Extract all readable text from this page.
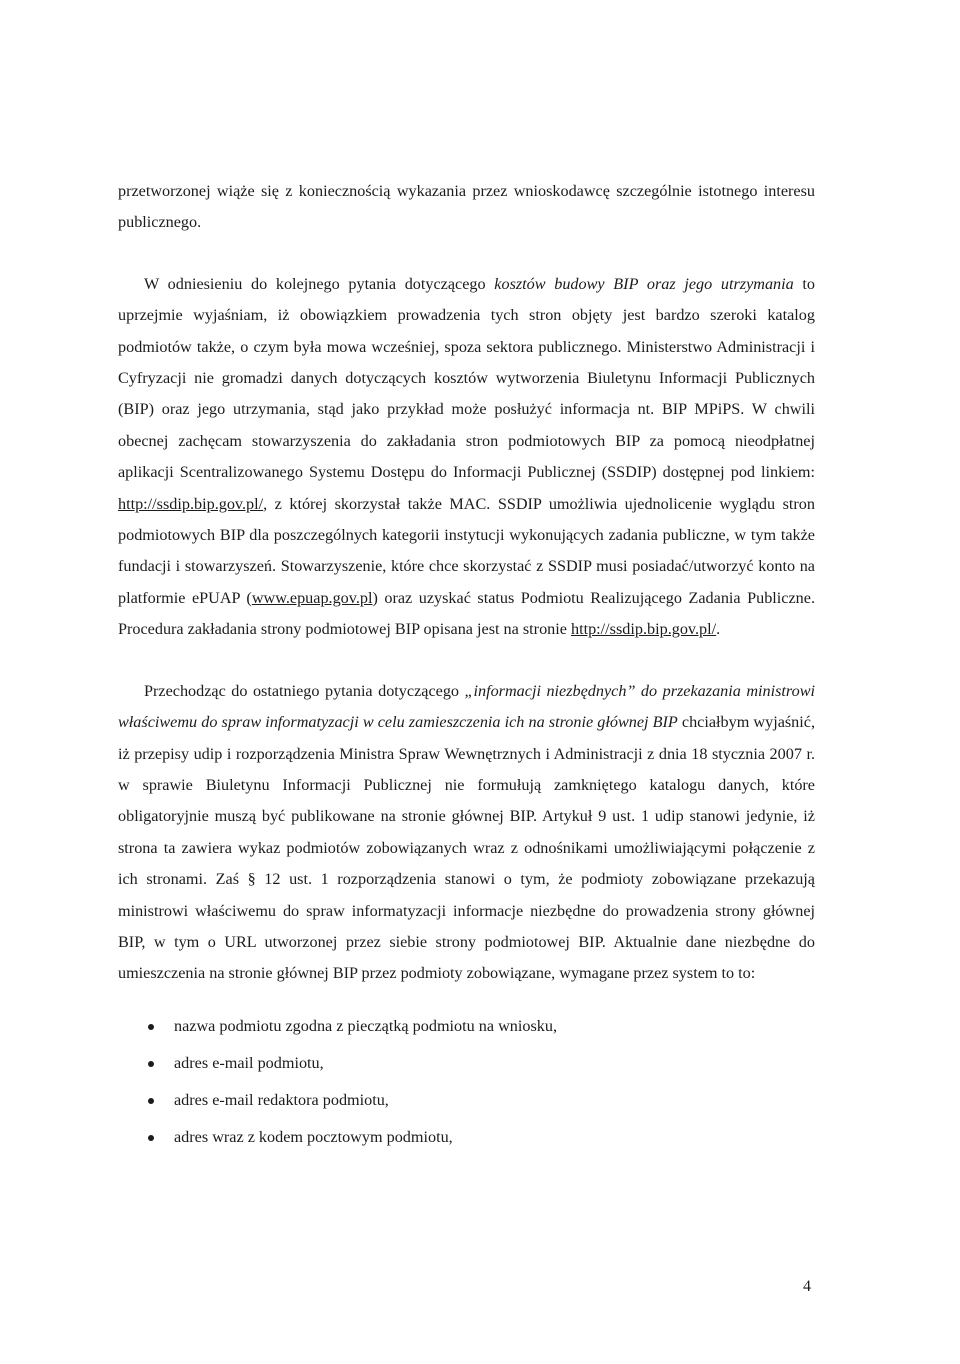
przetworzonej wiąże się z koniecznością wykazania przez wnioskodawcę szczególnie istotnego interesu publicznego.

W odniesieniu do kolejnego pytania dotyczącego kosztów budowy BIP oraz jego utrzymania to uprzejmie wyjaśniam, iż obowiązkiem prowadzenia tych stron objęty jest bardzo szeroki katalog podmiotów także, o czym była mowa wcześniej, spoza sektora publicznego. Ministerstwo Administracji i Cyfryzacji nie gromadzi danych dotyczących kosztów wytworzenia Biuletynu Informacji Publicznych (BIP) oraz jego utrzymania, stąd jako przykład może posłużyć informacja nt. BIP MPiPS. W chwili obecnej zachęcam stowarzyszenia do zakładania stron podmiotowych BIP za pomocą nieodpłatnej aplikacji Scentralizowanego Systemu Dostępu do Informacji Publicznej (SSDIP) dostępnej pod linkiem: http://ssdip.bip.gov.pl/, z której skorzystał także MAC. SSDIP umożliwia ujednolicenie wyglądu stron podmiotowych BIP dla poszczególnych kategorii instytucji wykonujących zadania publiczne, w tym także fundacji i stowarzyszeń. Stowarzyszenie, które chce skorzystać z SSDIP musi posiadać/utworzyć konto na platformie ePUAP (www.epuap.gov.pl) oraz uzyskać status Podmiotu Realizującego Zadania Publiczne. Procedura zakładania strony podmiotowej BIP opisana jest na stronie http://ssdip.bip.gov.pl/.

Przechodząc do ostatniego pytania dotyczącego „informacji niezbędnych” do przekazania ministrowi właściwemu do spraw informatyzacji w celu zamieszczenia ich na stronie głównej BIP chciałbym wyjaśnić, iż przepisy udip i rozporządzenia Ministra Spraw Wewnętrznych i Administracji z dnia 18 stycznia 2007 r. w sprawie Biuletynu Informacji Publicznej nie formułują zamkniętego katalogu danych, które obligatoryjnie muszą być publikowane na stronie głównej BIP. Artykuł 9 ust. 1 udip stanowi jedynie, iż strona ta zawiera wykaz podmiotów zobowiązanych wraz z odnośnikami umożliwiającymi połączenie z ich stronami. Zaś § 12 ust. 1 rozporządzenia stanowi o tym, że podmioty zobowiązane przekazują ministrowi właściwemu do spraw informatyzacji informacje niezbędne do prowadzenia strony głównej BIP, w tym o URL utworzonej przez siebie strony podmiotowej BIP. Aktualnie dane niezbędne do umieszczenia na stronie głównej BIP przez podmioty zobowiązane, wymagane przez system to to:

nazwa podmiotu zgodna z pieczątką podmiotu na wniosku,
adres e-mail podmiotu,
adres e-mail redaktora podmiotu,
adres wraz z kodem pocztowym podmiotu,
4
